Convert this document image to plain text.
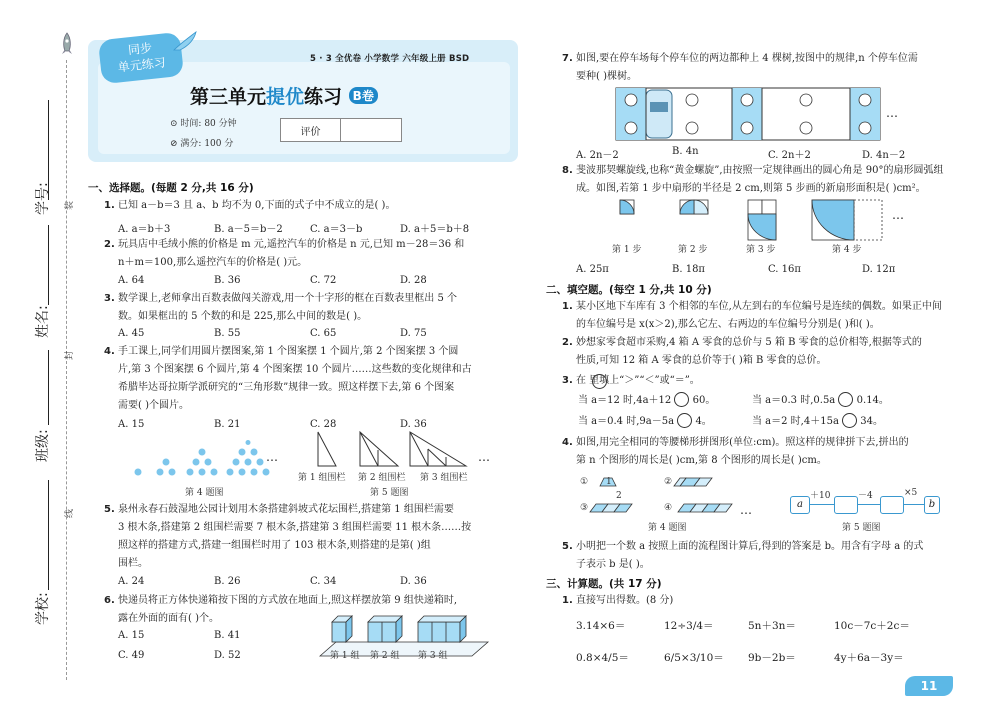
学号:
姓名:
班级:
学校:
装
封
线
同步
单元练习	5 · 3 全优卷 小学数学 六年级上册 BSD
第三单元提优练习 B卷
⊙ 时间: 80 分钟
⊘ 满分: 100 分
评价
一、选择题。(每题 2 分,共 16 分)
1. 已知 a－b＝3 且 a、b 均不为 0,下面的式子中不成立的是( )。
A. a＝b＋3	B. a－5＝b－2	C. a＝3－b	D. a＋5＝b＋8
2. 玩具店中毛绒小熊的价格是 m 元,遥控汽车的价格是 n 元,已知 m－28＝36 和
n＋m＝100,那么遥控汽车的价格是( )元。
A. 64	B. 36	C. 72	D. 28
3. 数学课上,老师拿出百数表做闯关游戏,用一个十字形的框在百数表里框出 5 个
数。如果框出的 5 个数的和是 225,那么中间的数是( )。
A. 45	B. 55	C. 65	D. 75
4. 手工课上,同学们用圆片摆图案,第 1 个图案摆 1 个圆片,第 2 个图案摆 3 个圆
片,第 3 个图案摆 6 个圆片,第 4 个图案摆 10 个圆片……这些数的变化规律和古
希腊毕达哥拉斯学派研究的“三角形数”规律一致。照这样摆下去,第 6 个图案
需要( )个圆片。
A. 15	B. 21	C. 28	D. 36
…
第 4 题图
…
第 1 组围栏 第 2 组围栏 第 3 组围栏
第 5 题图
5. 泉州永春石鼓湿地公园计划用木条搭建斜坡式花坛围栏,搭建第 1 组围栏需要
3 根木条,搭建第 2 组围栏需要 7 根木条,搭建第 3 组围栏需要 11 根木条……按
照这样的搭建方式,搭建一组围栏时用了 103 根木条,则搭建的是第( )组
围栏。
A. 24	B. 26	C. 34	D. 36
6. 快递员将正方体快递箱按下图的方式放在地面上,照这样摆放第 9 组快递箱时,
露在外面的面有( )个。
A. 15	B. 41
C. 49	D. 52	第 1 组 第 2 组 第 3 组
7. 如图,要在停车场每个停车位的两边都种上 4 棵树,按图中的规律,n 个停车位需
要种( )棵树。
…
A. 2n－2	B. 4n	C. 2n＋2	D. 4n－2
8. 斐波那契螺旋线,也称“黄金螺旋”,由按照一定规律画出的圆心角是 90°的扇形圆弧组
成。如图,若第 1 步中扇形的半径是 2 cm,则第 5 步画的新扇形面积是( )cm²。
…
第 1 步	第 2 步	第 3 步	第 4 步
A. 25π	B. 18π	C. 16π	D. 12π
二、填空题。(每空 1 分,共 10 分)
1. 某小区地下车库有 3 个相邻的车位,从左到右的车位编号是连续的偶数。如果正中间
的车位编号是 x(x＞2),那么它左、右两边的车位编号分别是( )和( )。
2. 妙想家零食超市采购,4 箱 A 零食的总价与 5 箱 B 零食的总价相等,根据等式的
性质,可知 12 箱 A 零食的总价等于( )箱 B 零食的总价。
3. 在 里填上“＞”“＜”或“＝”。
当 a＝12 时,4a＋12 60。	当 a＝0.3 时,0.5a 0.14。
当 a＝0.4 时,9a－5a 4。	当 a＝2 时,4＋15a 34。
4. 如图,用完全相同的等腰梯形拼图形(单位:cm)。照这样的规律拼下去,拼出的
第 n 个图形的周长是( )cm,第 8 个图形的周长是( )cm。
①	②
③	④
1
2
…
第 4 题图
a	b
＋10	－4	×5
第 5 题图
5. 小明把一个数 a 按照上面的流程图计算后,得到的答案是 b。用含有字母 a 的式
子表示 b 是( )。
三、计算题。(共 17 分)
1. 直接写出得数。(8 分)
3.14×6＝	12÷3/4＝	5n＋3n＝	10c－7c＋2c＝
0.8×4/5＝	6/5×3/10＝ 9b－2b＝	4y＋6a－3y＝
11
